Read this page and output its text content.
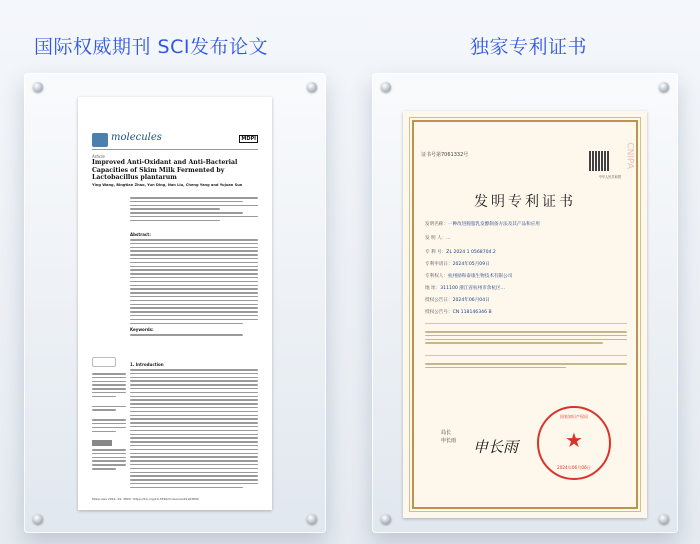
国际权威期刊 SCI发布论文	独家专利证书
molecules	MDPI
Article
Improved Anti-Oxidant and Anti-Bacterial Capacities of Skim Milk Fermented by Lactobacillus plantarum
Ying Wang, Bingtian Zhao, Yun Ding, Nan Liu, Cheng Yang and Yujuan Sun
Abstract:
Keywords:
1. Introduction
Molecules 2024, 29, 3800. https://doi.org/10.3390/molecules29163800
CNIPA
证书号第7061332号
中华人民共和国
发明专利证书
发明名称：一种改进脱脂乳发酵制备方法及其产品和应用
发 明 人：...
专 利 号：ZL 2024 1 0568704.2
专利申请日：2024年05月09日
专利权人：杭州励和泰康生物技术有限公司
地 址：311100 浙江省杭州市余杭区...
授权公告日：2024年06月04日
授权公告号：CN 118146346 B
局长
申长雨 申长雨
国家知识产权局
★
2024年06月06日
